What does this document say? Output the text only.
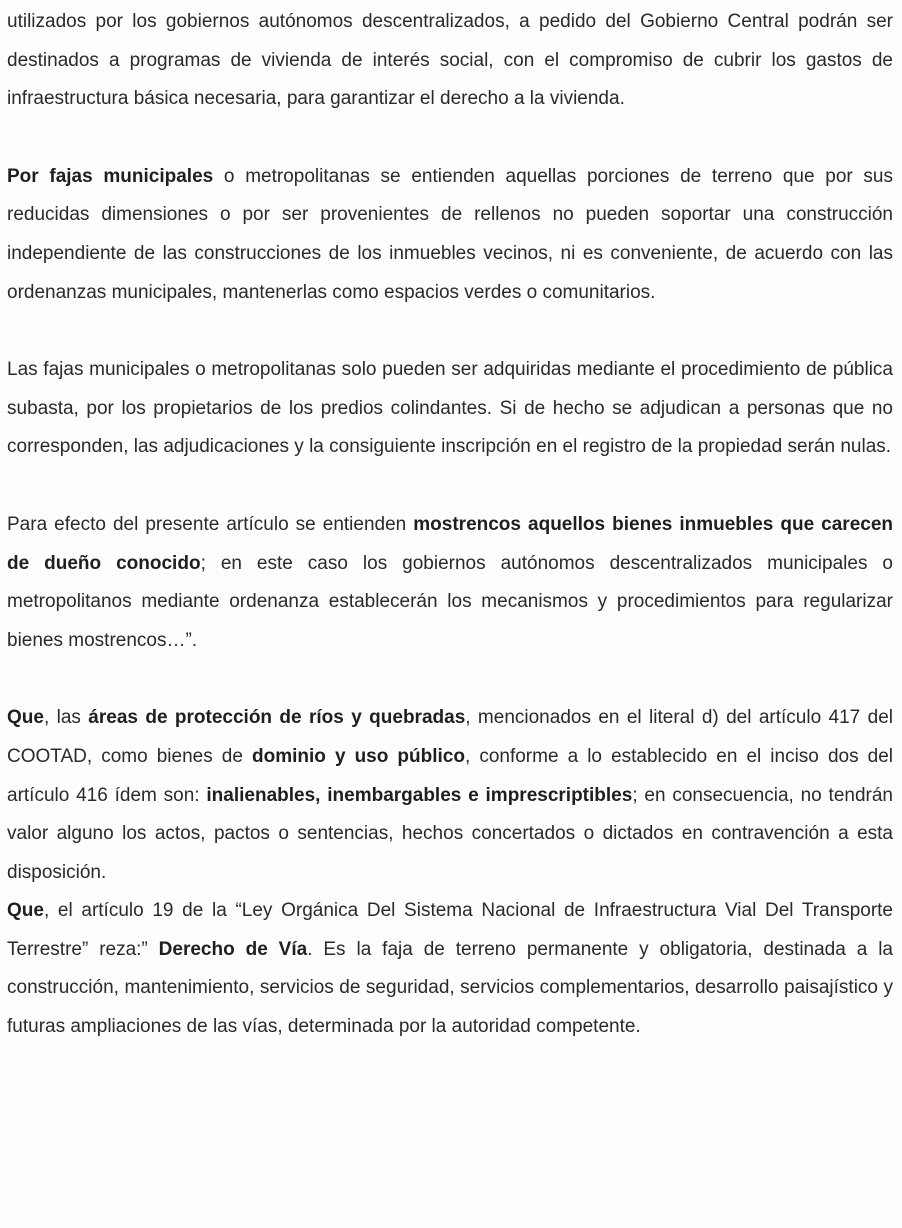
utilizados por los gobiernos autónomos descentralizados, a pedido del Gobierno Central podrán ser destinados a programas de vivienda de interés social, con el compromiso de cubrir los gastos de infraestructura básica necesaria, para garantizar el derecho a la vivienda.

Por fajas municipales o metropolitanas se entienden aquellas porciones de terreno que por sus reducidas dimensiones o por ser provenientes de rellenos no pueden soportar una construcción independiente de las construcciones de los inmuebles vecinos, ni es conveniente, de acuerdo con las ordenanzas municipales, mantenerlas como espacios verdes o comunitarios.

Las fajas municipales o metropolitanas solo pueden ser adquiridas mediante el procedimiento de pública subasta, por los propietarios de los predios colindantes. Si de hecho se adjudican a personas que no corresponden, las adjudicaciones y la consiguiente inscripción en el registro de la propiedad serán nulas.

Para efecto del presente artículo se entienden mostrencos aquellos bienes inmuebles que carecen de dueño conocido; en este caso los gobiernos autónomos descentralizados municipales o metropolitanos mediante ordenanza establecerán los mecanismos y procedimientos para regularizar bienes mostrencos…”.

Que, las áreas de protección de ríos y quebradas, mencionados en el literal d) del artículo 417 del COOTAD, como bienes de dominio y uso público, conforme a lo establecido en el inciso dos del artículo 416 ídem son: inalienables, inembargables e imprescriptibles; en consecuencia, no tendrán valor alguno los actos, pactos o sentencias, hechos concertados o dictados en contravención a esta disposición.

Que, el artículo 19 de la “Ley Orgánica Del Sistema Nacional de Infraestructura Vial Del Transporte Terrestre” reza:” Derecho de Vía. Es la faja de terreno permanente y obligatoria, destinada a la construcción, mantenimiento, servicios de seguridad, servicios complementarios, desarrollo paisajístico y futuras ampliaciones de las vías, determinada por la autoridad competente.
